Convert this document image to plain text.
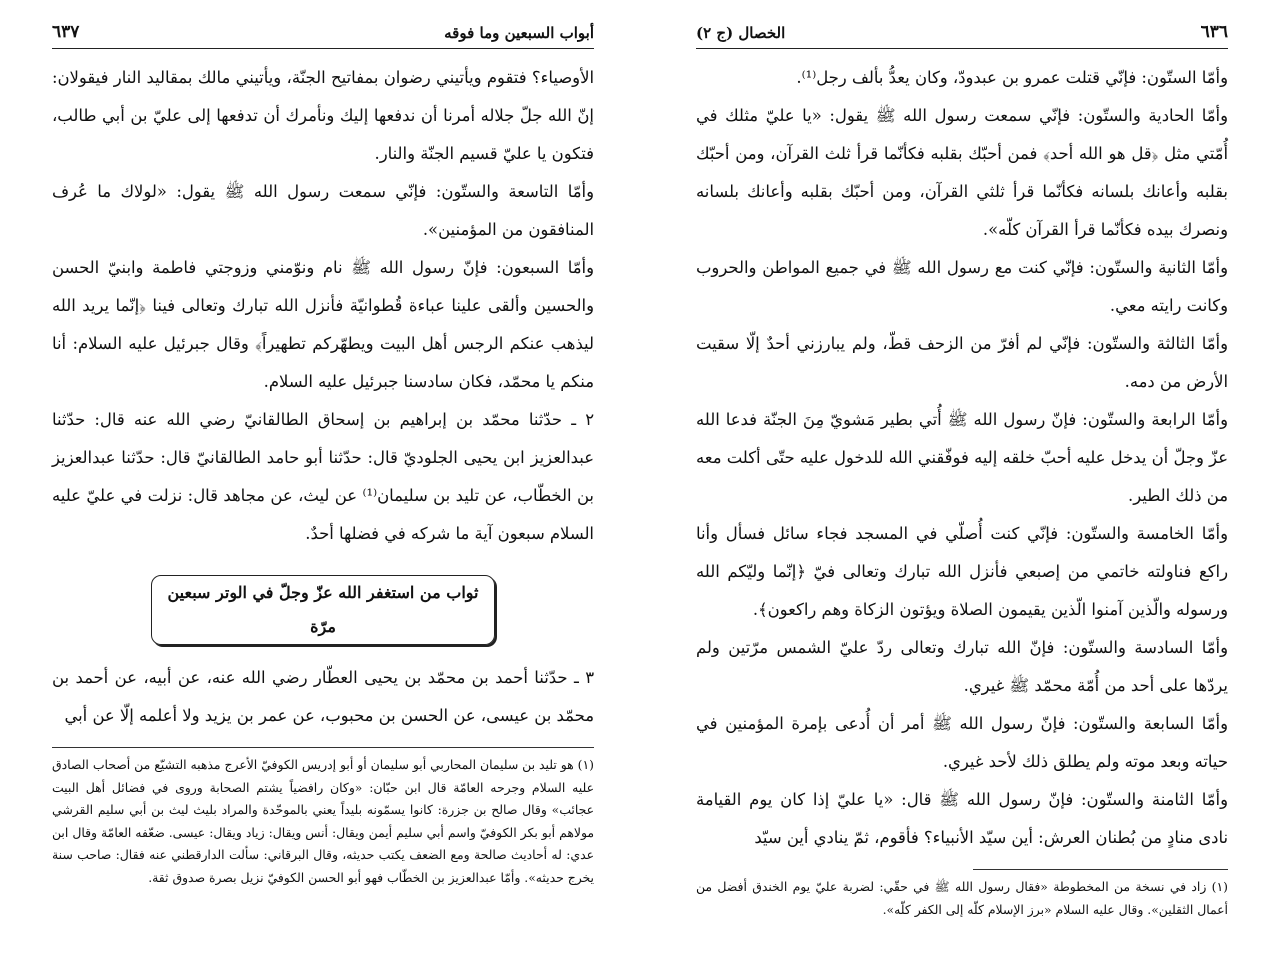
أبواب السبعين وما فوقه
٦٣٧

الأوصياء؟ فتقوم ويأتيني رضوان بمفاتيح الجنّة، ويأتيني مالك بمقاليد النار فيقولان: إنّ الله جلّ جلاله أمرنا أن ندفعها إليك ونأمرك أن تدفعها إلى عليّ بن أبي طالب، فتكون يا عليّ قسيم الجنّة والنار.

وأمّا التاسعة والستّون: فإنّي سمعت رسول الله ﷺ يقول: «لولاك ما عُرف المنافقون من المؤمنين».

وأمّا السبعون: فإنّ رسول الله ﷺ نام ونوّمني وزوجتي فاطمة وابنيّ الحسن والحسين وألقى علينا عباءة قُطوانيّة فأنزل الله تبارك وتعالى فينا ﴿إنّما يريد الله ليذهب عنكم الرجس أهل البيت ويطهّركم تطهيراً﴾ وقال جبرئيل عليه السلام: أنا منكم يا محمّد، فكان سادسنا جبرئيل عليه السلام.

٢ ـ حدّثنا محمّد بن إبراهيم بن إسحاق الطالقانيّ رضي الله عنه قال: حدّثنا عبدالعزيز ابن يحيى الجلوديّ قال: حدّثنا أبو حامد الطالقانيّ قال: حدّثنا عبدالعزيز بن الخطّاب، عن تليد بن سليمان⁽¹⁾ عن ليث، عن مجاهد قال: نزلت في عليّ عليه السلام سبعون آية ما شركه في فضلها أحدٌ.

ثواب من استغفر الله عزّ وجلّ في الوتر سبعين مرّة

٣ ـ حدّثنا أحمد بن محمّد بن يحيى العطّار رضي الله عنه، عن أبيه، عن أحمد بن محمّد بن عيسى، عن الحسن بن محبوب، عن عمر بن يزيد ولا أعلمه إلّا عن أبي

(١) هو تليد بن سليمان المحاربي أبو سليمان أو أبو إدريس الكوفيّ الأعرج مذهبه التشيّع من أصحاب الصادق عليه السلام وجرحه العامّة قال ابن حبّان: «وكان رافضياً يشتم الصحابة وروى في فضائل أهل البيت عجائب» وقال صالح بن جزرة: كانوا يسمّونه بليداً يعني بالموحّدة والمراد بليث ليث بن أبي سليم القرشي مولاهم أبو بكر الكوفيّ واسم أبي سليم أيمن ويقال: أنس ويقال: زياد ويقال: عيسى. ضعّفه العامّة وقال ابن عدي: له أحاديث صالحة ومع الضعف يكتب حديثه، وقال البرقاني: سألت الدارقطني عنه فقال: صاحب سنة يخرج حديثه». وأمّا عبدالعزيز بن الخطّاب فهو أبو الحسن الكوفيّ نزيل بصرة صدوق ثقة.

٦٣٦
الخصال (ج ٢)

وأمّا الستّون: فإنّي قتلت عمرو بن عبدودّ، وكان يعدُّ بألف رجل⁽¹⁾.

وأمّا الحادية والستّون: فإنّي سمعت رسول الله ﷺ يقول: «يا عليّ مثلك في أُمّتي مثل ﴿قل هو الله أحد﴾ فمن أحبّك بقلبه فكأنّما قرأ ثلث القرآن، ومن أحبّك بقلبه وأعانك بلسانه فكأنّما قرأ ثلثي القرآن، ومن أحبّك بقلبه وأعانك بلسانه ونصرك بيده فكأنّما قرأ القرآن كلّه».

وأمّا الثانية والستّون: فإنّي كنت مع رسول الله ﷺ في جميع المواطن والحروب وكانت رايته معي.

وأمّا الثالثة والستّون: فإنّي لم أفرّ من الزحف قطّ، ولم يبارزني أحدٌ إلّا سقيت الأرض من دمه.

وأمّا الرابعة والستّون: فإنّ رسول الله ﷺ أُتي بطير مَشويّ مِنَ الجنّة فدعا الله عزّ وجلّ أن يدخل عليه أحبّ خلقه إليه فوفّقني الله للدخول عليه حتّى أكلت معه من ذلك الطير.

وأمّا الخامسة والستّون: فإنّي كنت أُصلّي في المسجد فجاء سائل فسأل وأنا راكع فناولته خاتمي من إصبعي فأنزل الله تبارك وتعالى فيّ ﴿إنّما وليّكم الله ورسوله والّذين آمنوا الّذين يقيمون الصلاة ويؤتون الزكاة وهم راكعون﴾.

وأمّا السادسة والستّون: فإنّ الله تبارك وتعالى ردّ عليّ الشمس مرّتين ولم يردّها على أحد من أُمّة محمّد ﷺ غيري.

وأمّا السابعة والستّون: فإنّ رسول الله ﷺ أمر أن أُدعى بإمرة المؤمنين في حياته وبعد موته ولم يطلق ذلك لأحد غيري.

وأمّا الثامنة والستّون: فإنّ رسول الله ﷺ قال: «يا عليّ إذا كان يوم القيامة نادى منادٍ من بُطنان العرش: أين سيّد الأنبياء؟ فأقوم، ثمّ ينادي أين سيّد

(١) زاد في نسخة من المخطوطة «فقال رسول الله ﷺ في حقّي: لضربة عليّ يوم الخندق أفضل من أعمال الثقلين». وقال عليه السلام «برز الإسلام كلّه إلى الكفر كلّه».
